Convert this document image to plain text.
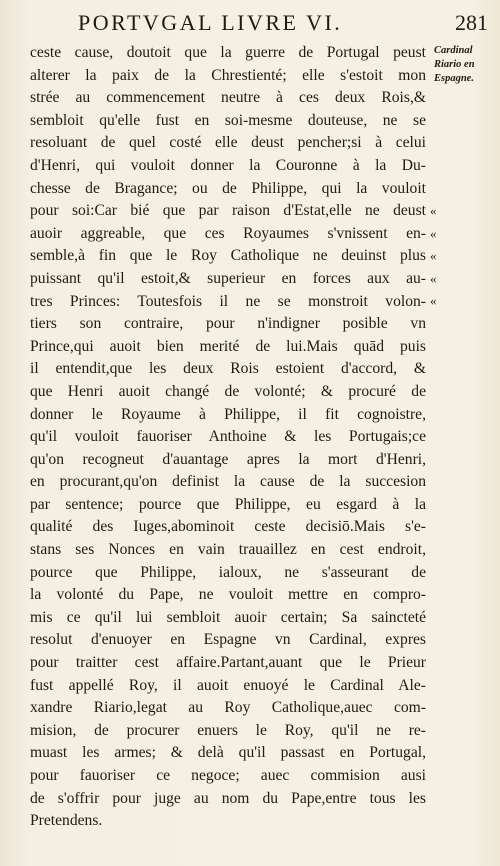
PORTVGAL LIVRE VI.	281
Cardinal
Riario en
Espagne.
«
«
«
«
«
ceste cause, doutoit que la guerre de Portugal peust
alterer la paix de la Chrestienté; elle s'estoit mon
strée au commencement neutre à ces deux Rois,&
sembloit qu'elle fust en soi-mesme douteuse, ne se
resoluant de quel costé elle deust pencher;si à celui
d'Henri, qui vouloit donner la Couronne à la Du-
chesse de Bragance; ou de Philippe, qui la vouloit
pour soi:Car bié que par raison d'Estat,elle ne deust
auoir aggreable, que ces Royaumes s'vnissent en-
semble,à fin que le Roy Catholique ne deuinst plus
puissant qu'il estoit,& superieur en forces aux au-
tres Princes: Toutesfois il ne se monstroit volon-
tiers son contraire, pour n'indigner posible vn
Prince,qui auoit bien merité de lui.Mais quād puis
il entendit,que les deux Rois estoient d'accord, &
que Henri auoit changé de volonté; & procuré de
donner le Royaume à Philippe, il fit cognoistre,
qu'il vouloit fauoriser Anthoine & les Portugais;ce
qu'on recogneut d'auantage apres la mort d'Henri,
en procurant,qu'on definist la cause de la succesion
par sentence; pource que Philippe, eu esgard à la
qualité des Iuges,abominoit ceste decisiō.Mais s'e-
stans ses Nonces en vain trauaillez en cest endroit,
pource que Philippe, ialoux, ne s'asseurant de
la volonté du Pape, ne vouloit mettre en compro-
mis ce qu'il lui sembloit auoir certain; Sa saincteté
resolut d'enuoyer en Espagne vn Cardinal, expres
pour traitter cest affaire.Partant,auant que le Prieur
fust appellé Roy, il auoit enuoyé le Cardinal Ale-
xandre Riario,legat au Roy Catholique,auec com-
mision, de procurer enuers le Roy, qu'il ne re-
muast les armes; & delà qu'il passast en Portugal,
pour fauoriser ce negoce; auec commision ausi
de s'offrir pour juge au nom du Pape,entre tous les
Pretendens.
